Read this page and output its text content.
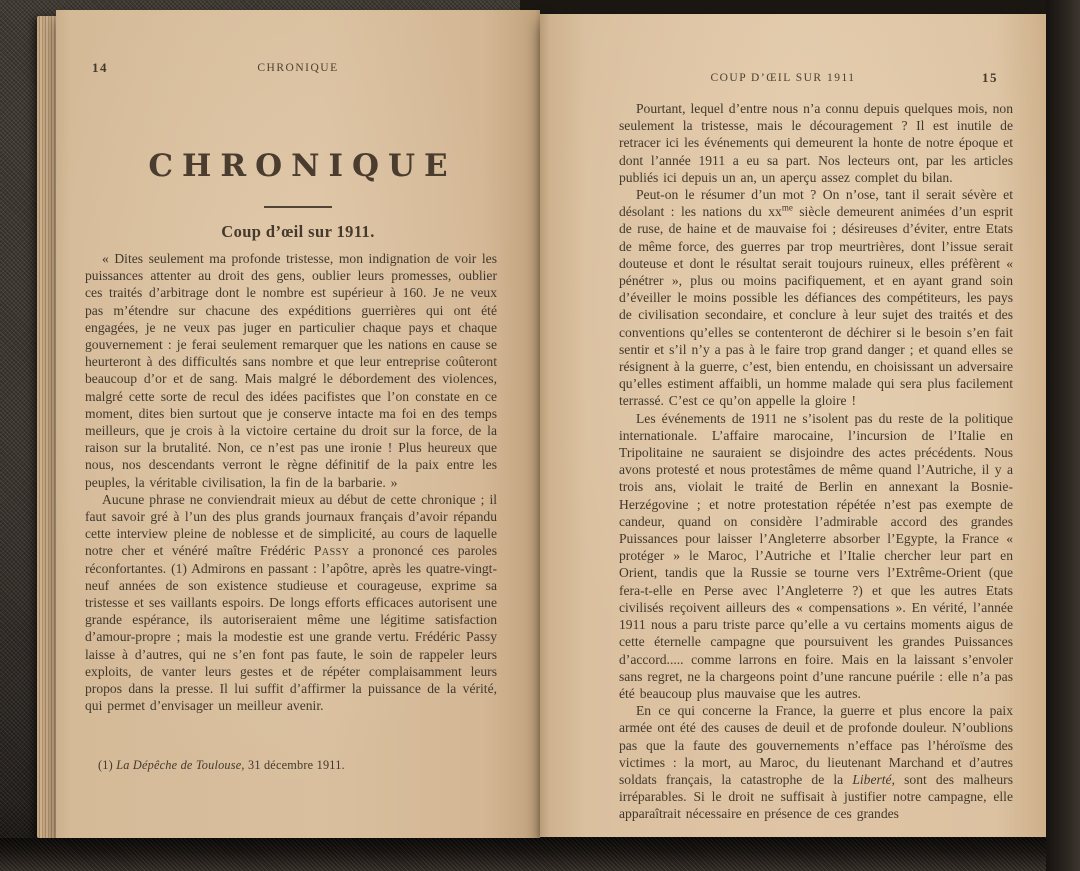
14	CHRONIQUE
CHRONIQUE
Coup d’œil sur 1911.

« Dites seulement ma profonde tristesse, mon indignation de voir les puissances attenter au droit des gens, oublier leurs promesses, oublier ces traités d’arbitrage dont le nombre est supérieur à 160. Je ne veux pas m’étendre sur chacune des expéditions guerrières qui ont été engagées, je ne veux pas juger en particulier chaque pays et chaque gouvernement : je ferai seulement remarquer que les nations en cause se heurteront à des difficultés sans nombre et que leur entreprise coûteront beaucoup d’or et de sang. Mais malgré le débordement des violences, malgré cette sorte de recul des idées pacifistes que l’on constate en ce moment, dites bien surtout que je conserve intacte ma foi en des temps meilleurs, que je crois à la victoire certaine du droit sur la force, de la raison sur la brutalité. Non, ce n’est pas une ironie ! Plus heureux que nous, nos descendants verront le règne définitif de la paix entre les peuples, la véritable civilisation, la fin de la barbarie. »

Aucune phrase ne conviendrait mieux au début de cette chronique ; il faut savoir gré à l’un des plus grands journaux français d’avoir répandu cette interview pleine de noblesse et de simplicité, au cours de laquelle notre cher et vénéré maître Frédéric Passy a prononcé ces paroles réconfortantes. (1) Admirons en passant : l’apôtre, après les quatre-vingt-neuf années de son existence studieuse et courageuse, exprime sa tristesse et ses vaillants espoirs. De longs efforts efficaces autorisent une grande espérance, ils autoriseraient même une légitime satisfaction d’amour-propre ; mais la modestie est une grande vertu. Frédéric Passy laisse à d’autres, qui ne s’en font pas faute, le soin de rappeler leurs exploits, de vanter leurs gestes et de répéter complaisamment leurs propos dans la presse. Il lui suffit d’affirmer la puissance de la vérité, qui permet d’envisager un meilleur avenir.

(1) La Dépêche de Toulouse, 31 décembre 1911.
COUP D’ŒIL SUR 1911	15

Pourtant, lequel d’entre nous n’a connu depuis quelques mois, non seulement la tristesse, mais le découragement ? Il est inutile de retracer ici les événements qui demeurent la honte de notre époque et dont l’année 1911 a eu sa part. Nos lecteurs ont, par les articles publiés ici depuis un an, un aperçu assez complet du bilan.

Peut-on le résumer d’un mot ? On n’ose, tant il serait sévère et désolant : les nations du $xx^{me}$ siècle demeurent animées d’un esprit de ruse, de haine et de mauvaise foi ; désireuses d’éviter, entre Etats de même force, des guerres par trop meurtrières, dont l’issue serait douteuse et dont le résultat serait toujours ruineux, elles préfèrent « pénétrer », plus ou moins pacifiquement, et en ayant grand soin d’éveiller le moins possible les défiances des compétiteurs, les pays de civilisation secondaire, et conclure à leur sujet des traités et des conventions qu’elles se contenteront de déchirer si le besoin s’en fait sentir et s’il n’y a pas à le faire trop grand danger ; et quand elles se résignent à la guerre, c’est, bien entendu, en choisissant un adversaire qu’elles estiment affaibli, un homme malade qui sera plus facilement terrassé. C’est ce qu’on appelle la gloire !

Les événements de 1911 ne s’isolent pas du reste de la politique internationale. L’affaire marocaine, l’incursion de l’Italie en Tripolitaine ne sauraient se disjoindre des actes précédents. Nous avons protesté et nous protestâmes de même quand l’Autriche, il y a trois ans, violait le traité de Berlin en annexant la Bosnie-Herzégovine ; et notre protestation répétée n’est pas exempte de candeur, quand on considère l’admirable accord des grandes Puissances pour laisser l’Angleterre absorber l’Egypte, la France « protéger » le Maroc, l’Autriche et l’Italie chercher leur part en Orient, tandis que la Russie se tourne vers l’Extrême-Orient (que fera-t-elle en Perse avec l’Angleterre ?) et que les autres Etats civilisés reçoivent ailleurs des « compensations ». En vérité, l’année 1911 nous a paru triste parce qu’elle a vu certains moments aigus de cette éternelle campagne que poursuivent les grandes Puissances d’accord..... comme larrons en foire. Mais en la laissant s’envoler sans regret, ne la chargeons point d’une rancune puérile : elle n’a pas été beaucoup plus mauvaise que les autres.

En ce qui concerne la France, la guerre et plus encore la paix armée ont été des causes de deuil et de profonde douleur. N’oublions pas que la faute des gouvernements n’efface pas l’héroïsme des victimes : la mort, au Maroc, du lieutenant Marchand et d’autres soldats français, la catastrophe de la Liberté, sont des malheurs irréparables. Si le droit ne suffisait à justifier notre campagne, elle apparaîtrait nécessaire en présence de ces grandes
